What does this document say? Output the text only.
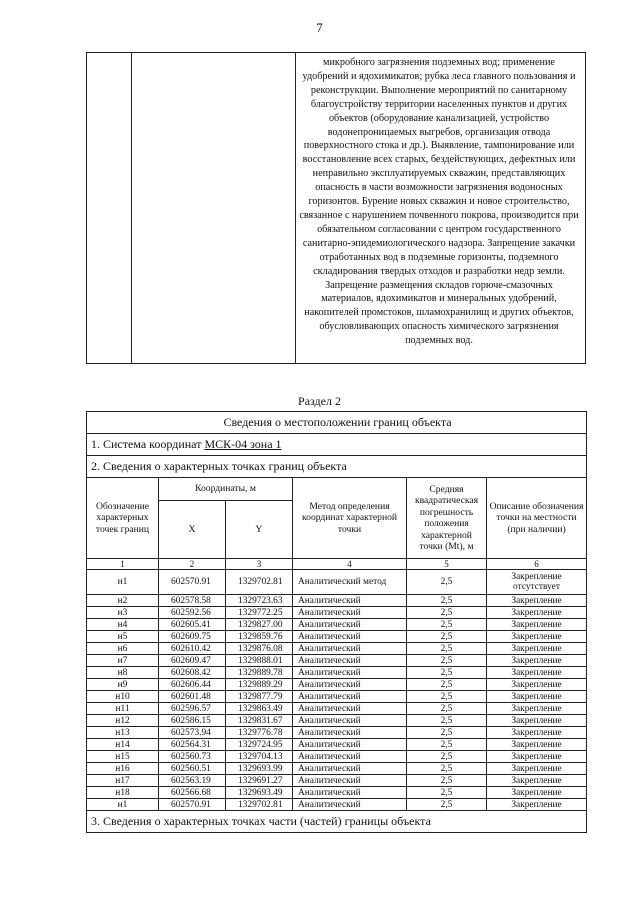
7
микробного загрязнения подземных вод; применение удобрений и ядохимикатов; рубка леса главного пользования и реконструкции. Выполнение мероприятий по санитарному благоустройству территории населенных пунктов и других объектов (оборудование канализацией, устройство водонепроницаемых выгребов, организация отвода поверхностного стока и др.). Выявление, тампонирование или восстановление всех старых, бездействующих, дефектных или неправильно эксплуатируемых скважин, представляющих опасность в части возможности загрязнения водоносных горизонтов. Бурение новых скважин и новое строительство, связанное с нарушением почвенного покрова, производится при обязательном согласовании с центром государственного санитарно-эпидемиологического надзора. Запрещение закачки отработанных вод в подземные горизонты, подземного складирования твердых отходов и разработки недр земли. Запрещение размещения складов горюче-смазочных материалов, ядохимикатов и минеральных удобрений, накопителей промстоков, шламохранилищ и других объектов, обусловливающих опасность химического загрязнения подземных вод.
Раздел 2
Сведения о местоположении границ объекта					
1. Система координат МСК-04 зона 1					
2. Сведения о характерных точках границ объекта					
Обозначение характерных точек границ	Координаты, м		Метод определения координат характерной точки	Средняя квадратическая погрешность положения характерной точки (Mt), м	Описание обозначения точки на местности (при наличии)
	X	Y			
1	2	3	4	5	6
н1	602570.91	1329702.81	Аналитический метод	2,5	Закрепление отсутствует
н2	602578.58	1329723.63	Аналитический	2,5	Закрепление
н3	602592.56	1329772.25	Аналитический	2,5	Закрепление
н4	602605.41	1329827.00	Аналитический	2,5	Закрепление
н5	602609.75	1329859.76	Аналитический	2,5	Закрепление
н6	602610.42	1329876.08	Аналитический	2,5	Закрепление
н7	602609.47	1329888.01	Аналитический	2,5	Закрепление
н8	602608.42	1329889.78	Аналитический	2,5	Закрепление
н9	602606.44	1329889.29	Аналитический	2,5	Закрепление
н10	602601.48	1329877.79	Аналитический	2,5	Закрепление
н11	602596.57	1329863.49	Аналитический	2,5	Закрепление
н12	602586.15	1329831.67	Аналитический	2,5	Закрепление
н13	602573.94	1329776.78	Аналитический	2,5	Закрепление
н14	602564.31	1329724.95	Аналитический	2,5	Закрепление
н15	602560.73	1329704.13	Аналитический	2,5	Закрепление
н16	602560.51	1329693.99	Аналитический	2,5	Закрепление
н17	602563.19	1329691.27	Аналитический	2,5	Закрепление
н18	602566.68	1329693.49	Аналитический	2,5	Закрепление
н1	602570.91	1329702.81	Аналитический	2,5	Закрепление
3. Сведения о характерных точках части (частей) границы объекта					
